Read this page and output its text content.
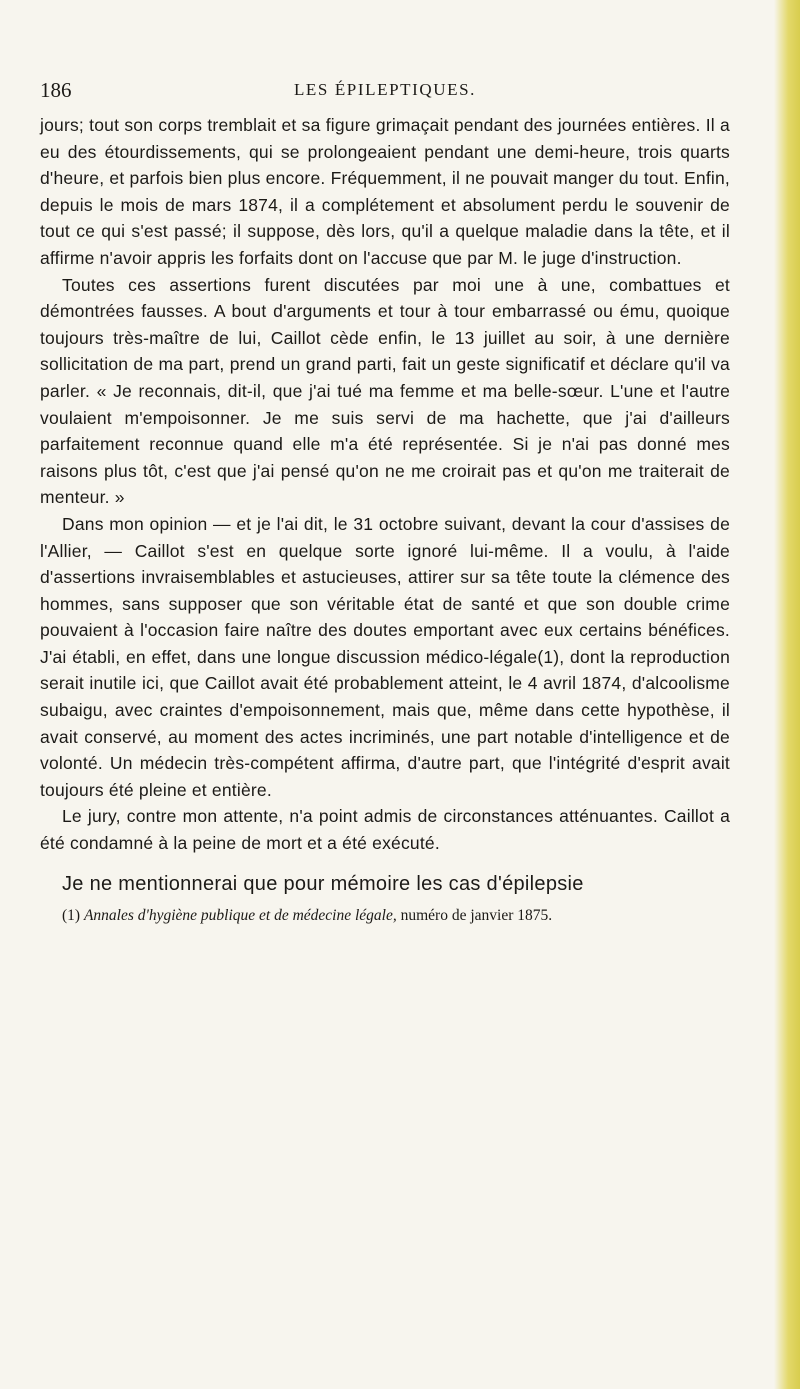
186	LES ÉPILEPTIQUES.

jours; tout son corps tremblait et sa figure grimaçait pendant des journées entières. Il a eu des étourdissements, qui se prolongeaient pendant une demi-heure, trois quarts d'heure, et parfois bien plus encore. Fréquemment, il ne pouvait manger du tout. Enfin, depuis le mois de mars 1874, il a complétement et absolument perdu le souvenir de tout ce qui s'est passé; il suppose, dès lors, qu'il a quelque maladie dans la tête, et il affirme n'avoir appris les forfaits dont on l'accuse que par M. le juge d'instruction.

Toutes ces assertions furent discutées par moi une à une, combattues et démontrées fausses. A bout d'arguments et tour à tour embarrassé ou ému, quoique toujours très-maître de lui, Caillot cède enfin, le 13 juillet au soir, à une dernière sollicitation de ma part, prend un grand parti, fait un geste significatif et déclare qu'il va parler. « Je reconnais, dit-il, que j'ai tué ma femme et ma belle-sœur. L'une et l'autre voulaient m'empoisonner. Je me suis servi de ma hachette, que j'ai d'ailleurs parfaitement reconnue quand elle m'a été représentée. Si je n'ai pas donné mes raisons plus tôt, c'est que j'ai pensé qu'on ne me croirait pas et qu'on me traiterait de menteur. »

Dans mon opinion — et je l'ai dit, le 31 octobre suivant, devant la cour d'assises de l'Allier, — Caillot s'est en quelque sorte ignoré lui-même. Il a voulu, à l'aide d'assertions invraisemblables et astucieuses, attirer sur sa tête toute la clémence des hommes, sans supposer que son véritable état de santé et que son double crime pouvaient à l'occasion faire naître des doutes emportant avec eux certains bénéfices. J'ai établi, en effet, dans une longue discussion médico-légale(1), dont la reproduction serait inutile ici, que Caillot avait été probablement atteint, le 4 avril 1874, d'alcoolisme subaigu, avec craintes d'empoisonnement, mais que, même dans cette hypothèse, il avait conservé, au moment des actes incriminés, une part notable d'intelligence et de volonté. Un médecin très-compétent affirma, d'autre part, que l'intégrité d'esprit avait toujours été pleine et entière.

Le jury, contre mon attente, n'a point admis de circonstances atténuantes. Caillot a été condamné à la peine de mort et a été exécuté.

Je ne mentionnerai que pour mémoire les cas d'épilepsie
(1) Annales d'hygiène publique et de médecine légale, numéro de janvier 1875.
